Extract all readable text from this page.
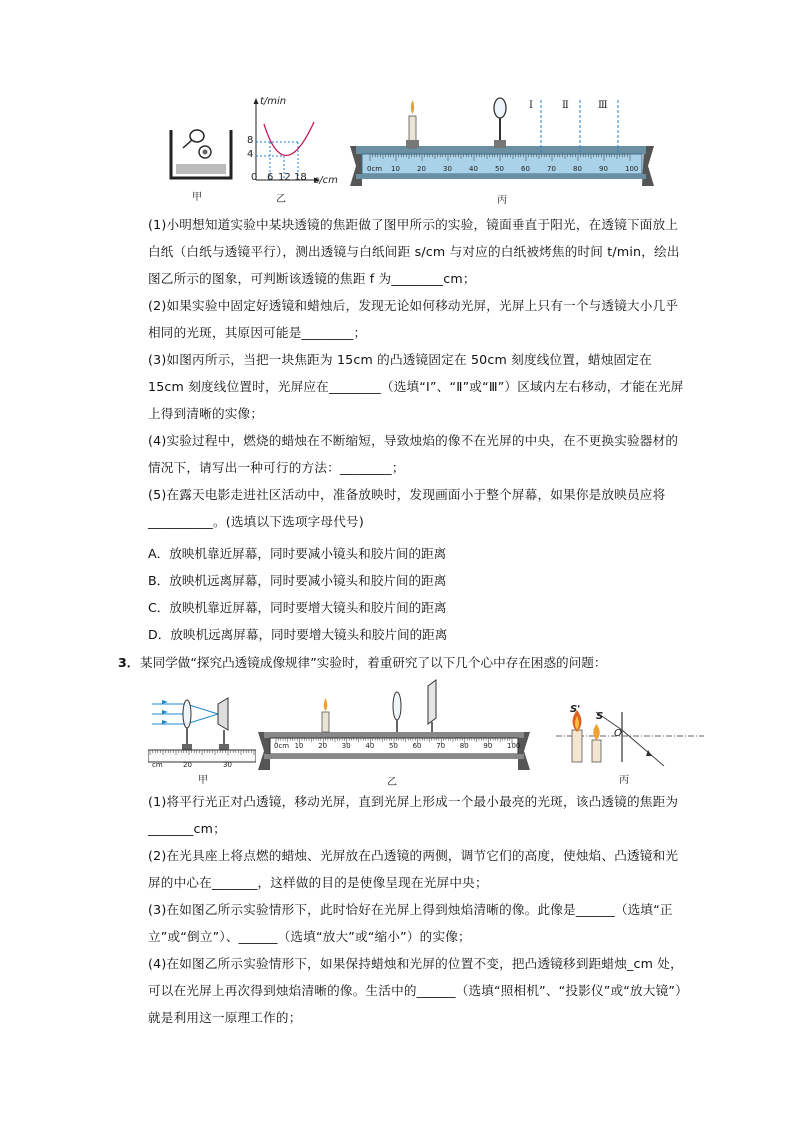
甲
t/min
8
4
0 6 12 18 s/cm
乙
Ⅰ	Ⅱ	Ⅲ
0cm 10 20 30 40 50 60 70 80 90 100
丙
(1)小明想知道实验中某块透镜的焦距做了图甲所示的实验，镜面垂直于阳光，在透镜下面放上白纸（白纸与透镜平行），测出透镜与白纸间距 s/cm 与对应的白纸被烤焦的时间 t/min，绘出图乙所示的图象，可判断该透镜的焦距 f 为________cm；
(2)如果实验中固定好透镜和蜡烛后，发现无论如何移动光屏，光屏上只有一个与透镜大小几乎相同的光斑，其原因可能是________；
(3)如图丙所示，当把一块焦距为 15cm 的凸透镜固定在 50cm 刻度线位置，蜡烛固定在 15cm 刻度线位置时，光屏应在________（选填“Ⅰ”、“Ⅱ”或“Ⅲ”）区域内左右移动，才能在光屏上得到清晰的实像；
(4)实验过程中，燃烧的蜡烛在不断缩短，导致烛焰的像不在光屏的中央，在不更换实验器材的情况下，请写出一种可行的方法：________；
(5)在露天电影走进社区活动中，准备放映时，发现画面小于整个屏幕，如果你是放映员应将__________。(选填以下选项字母代号)
A．放映机靠近屏幕，同时要减小镜头和胶片间的距离
B．放映机远离屏幕，同时要减小镜头和胶片间的距离
C．放映机靠近屏幕，同时要增大镜头和胶片间的距离
D．放映机远离屏幕，同时要增大镜头和胶片间的距离
3． 某同学做“探究凸透镜成像规律”实验时，着重研究了以下几个心中存在困惑的问题：
cm	20	30
甲
0cm 10 20 30 40 50 60 70 80 90 100
乙
S'
S
O
丙
(1)将平行光正对凸透镜，移动光屏，直到光屏上形成一个最小最亮的光斑，该凸透镜的焦距为_______cm；
(2)在光具座上将点燃的蜡烛、光屏放在凸透镜的两侧，调节它们的高度，使烛焰、凸透镜和光屏的中心在_______，这样做的目的是使像呈现在光屏中央；
(3)在如图乙所示实验情形下，此时恰好在光屏上得到烛焰清晰的像。此像是______（选填“正立”或“倒立”）、______（选填“放大”或“缩小”）的实像；
(4)在如图乙所示实验情形下，如果保持蜡烛和光屏的位置不变，把凸透镜移到距蜡烛_cm 处，可以在光屏上再次得到烛焰清晰的像。生活中的______（选填“照相机”、“投影仪”或“放大镜”）就是利用这一原理工作的；
